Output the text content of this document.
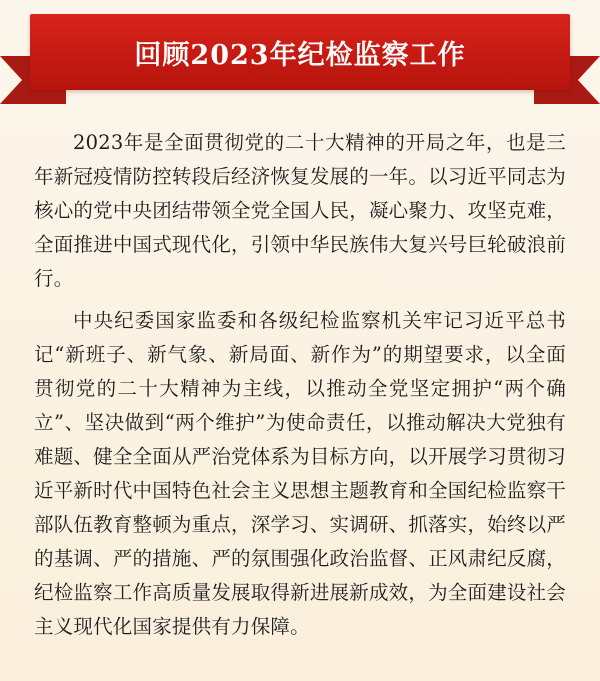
回顾2023年纪检监察工作

2023年是全面贯彻党的二十大精神的开局之年，也是三年新冠疫情防控转段后经济恢复发展的一年。以习近平同志为核心的党中央团结带领全党全国人民，凝心聚力、攻坚克难，全面推进中国式现代化，引领中华民族伟大复兴号巨轮破浪前行。

中央纪委国家监委和各级纪检监察机关牢记习近平总书记“新班子、新气象、新局面、新作为”的期望要求，以全面贯彻党的二十大精神为主线，以推动全党坚定拥护“两个确立”、坚决做到“两个维护”为使命责任，以推动解决大党独有难题、健全全面从严治党体系为目标方向，以开展学习贯彻习近平新时代中国特色社会主义思想主题教育和全国纪检监察干部队伍教育整顿为重点，深学习、实调研、抓落实，始终以严的基调、严的措施、严的氛围强化政治监督、正风肃纪反腐，纪检监察工作高质量发展取得新进展新成效，为全面建设社会主义现代化国家提供有力保障。
